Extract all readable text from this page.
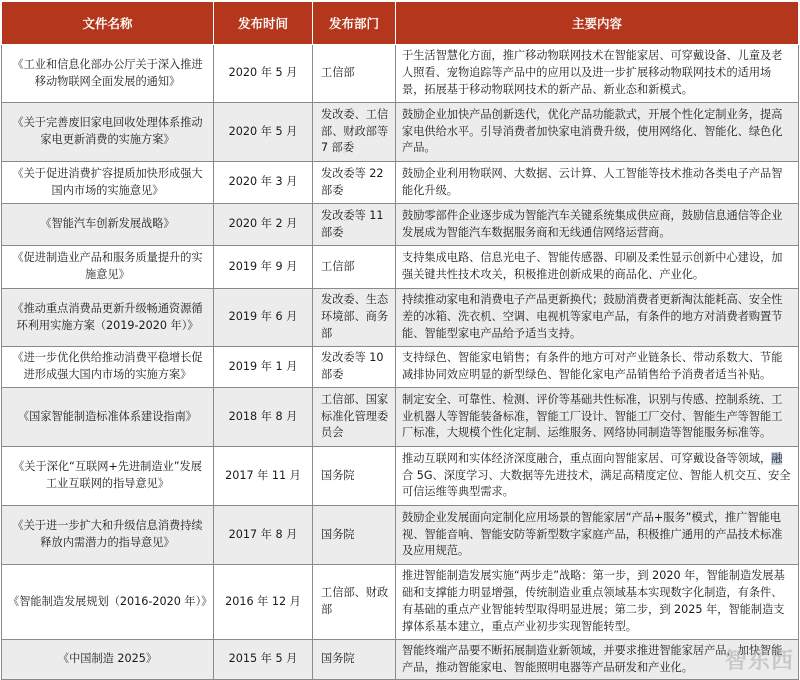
文件名称	发布时间	发布部门	主要内容
《工业和信息化部办公厅关于深入推进移动物联网全面发展的通知》	2020 年 5 月	工信部	于生活智慧化方面，推广移动物联网技术在智能家居、可穿戴设备、儿童及老人照看、宠物追踪等产品中的应用以及进一步扩展移动物联网技术的适用场景，拓展基于移动物联网技术的新产品、新业态和新模式。
《关于完善废旧家电回收处理体系推动家电更新消费的实施方案》	2020 年 5 月	发改委、工信部、财政部等 7 部委	鼓励企业加快产品创新迭代，优化产品功能款式，开展个性化定制业务，提高家电供给水平。引导消费者加快家电消费升级，使用网络化、智能化、绿色化产品。
《关于促进消费扩容提质加快形成强大国内市场的实施意见》	2020 年 3 月	发改委等 22 部委	鼓励企业利用物联网、大数据、云计算、人工智能等技术推动各类电子产品智能化升级。
《智能汽车创新发展战略》	2020 年 2 月	发改委等 11 部委	鼓励零部件企业逐步成为智能汽车关键系统集成供应商，鼓励信息通信等企业发展成为智能汽车数据服务商和无线通信网络运营商。
《促进制造业产品和服务质量提升的实施意见》	2019 年 9 月	工信部	支持集成电路、信息光电子、智能传感器、印刷及柔性显示创新中心建设，加强关键共性技术攻关，积极推进创新成果的商品化、产业化。
《推动重点消费品更新升级畅通资源循环利用实施方案（2019-2020 年）》	2019 年 6 月	发改委、生态环境部、商务部	持续推动家电和消费电子产品更新换代；鼓励消费者更新淘汰能耗高、安全性差的冰箱、洗衣机、空调、电视机等家电产品，有条件的地方对消费者购置节能、智能型家电产品给予适当支持。
《进一步优化供给推动消费平稳增长促进形成强大国内市场的实施方案》	2019 年 1 月	发改委等 10 部委	支持绿色、智能家电销售；有条件的地方可对产业链条长、带动系数大、节能减排协同效应明显的新型绿色、智能化家电产品销售给予消费者适当补贴。
《国家智能制造标准体系建设指南》	2018 年 8 月	工信部、国家标准化管理委员会	制定安全、可靠性、检测、评价等基础共性标准，识别与传感、控制系统、工业机器人等智能装备标准，智能工厂设计、智能工厂交付、智能生产等智能工厂标准，大规模个性化定制、运维服务、网络协同制造等智能服务标准等。
《关于深化“互联网+先进制造业”发展工业互联网的指导意见》	2017 年 11 月	国务院	推动互联网和实体经济深度融合，重点面向智能家居、可穿戴设备等领域，融合 5G、深度学习、大数据等先进技术，满足高精度定位、智能人机交互、安全可信运维等典型需求。
《关于进一步扩大和升级信息消费持续释放内需潜力的指导意见》	2017 年 8 月	国务院	鼓励企业发展面向定制化应用场景的智能家居“产品+服务”模式，推广智能电视、智能音响、智能安防等新型数字家庭产品，积极推广通用的产品技术标准及应用规范。
《智能制造发展规划（2016-2020 年）》	2016 年 12 月	工信部、财政部	推进智能制造发展实施“两步走”战略：第一步，到 2020 年，智能制造发展基础和支撑能力明显增强，传统制造业重点领域基本实现数字化制造，有条件、有基础的重点产业智能转型取得明显进展；第二步，到 2025 年，智能制造支撑体系基本建立，重点产业初步实现智能转型。
《中国制造 2025》	2015 年 5 月	国务院	智能终端产品要不断拓展制造业新领域，并要求推进智能家居产品，加快智能产品，推动智能家电、智能照明电器等产品研发和产业化。 智东西
